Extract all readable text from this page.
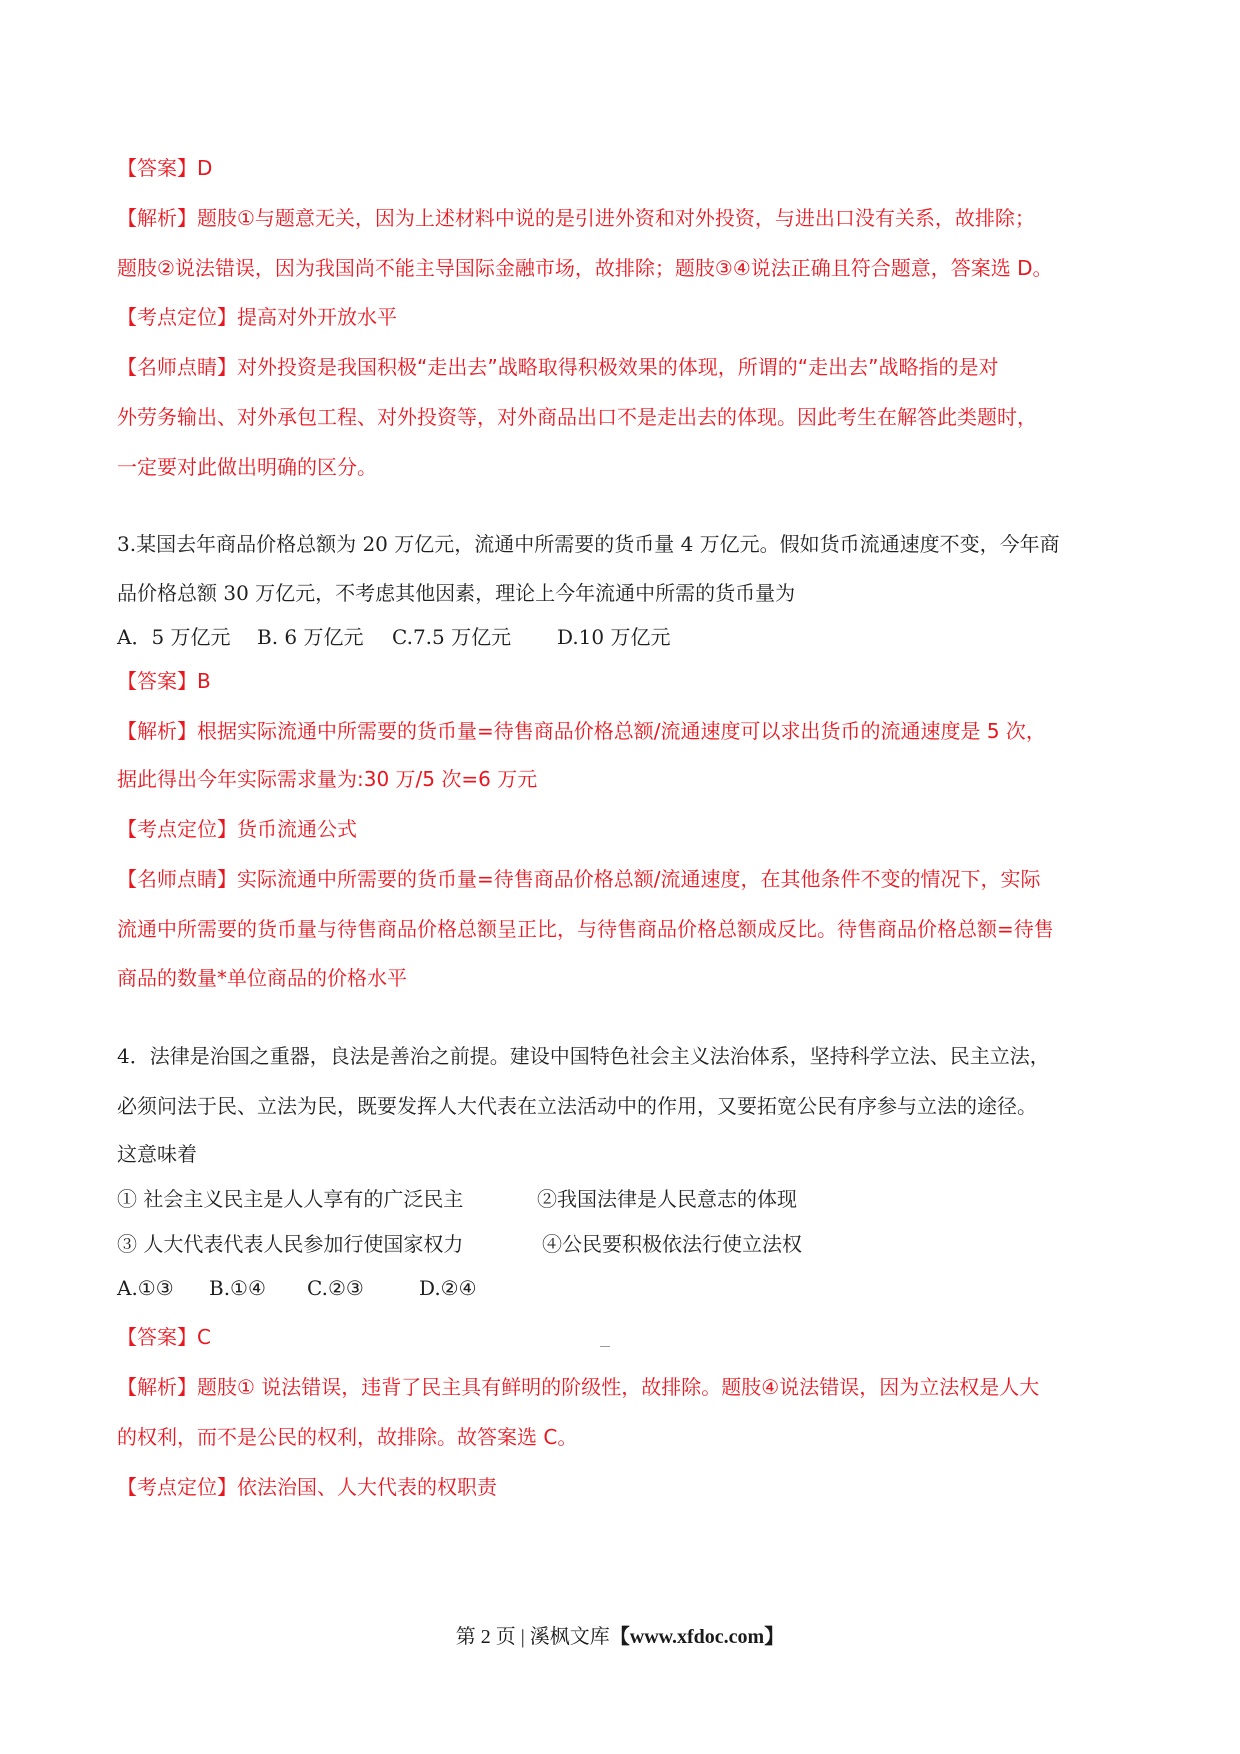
【答案】D

【解析】题肢①与题意无关，因为上述材料中说的是引进外资和对外投资，与进出口没有关系，故排除；

题肢②说法错误，因为我国尚不能主导国际金融市场，故排除；题肢③④说法正确且符合题意，答案选 D。

【考点定位】提高对外开放水平

【名师点睛】对外投资是我国积极“走出去”战略取得积极效果的体现，所谓的“走出去”战略指的是对

外劳务输出、对外承包工程、对外投资等，对外商品出口不是走出去的体现。因此考生在解答此类题时，

一定要对此做出明确的区分。

3.某国去年商品价格总额为 20 万亿元，流通中所需要的货币量 4 万亿元。假如货币流通速度不变，今年商

品价格总额 30 万亿元，不考虑其他因素，理论上今年流通中所需的货币量为

A．5 万亿元 B. 6 万亿元 C.7.5 万亿元 D.10 万亿元

【答案】B

【解析】根据实际流通中所需要的货币量=待售商品价格总额/流通速度可以求出货币的流通速度是 5 次，

据此得出今年实际需求量为:30 万/5 次=6 万元

【考点定位】货币流通公式

【名师点睛】实际流通中所需要的货币量=待售商品价格总额/流通速度，在其他条件不变的情况下，实际

流通中所需要的货币量与待售商品价格总额呈正比，与待售商品价格总额成反比。待售商品价格总额=待售

商品的数量*单位商品的价格水平

4．法律是治国之重器，良法是善治之前提。建设中国特色社会主义法治体系，坚持科学立法、民主立法，

必须问法于民、立法为民，既要发挥人大代表在立法活动中的作用，又要拓宽公民有序参与立法的途径。

这意味着

① 社会主义民主是人人享有的广泛民主	②我国法律是人民意志的体现

③ 人大代表代表人民参加行使国家权力	④公民要积极依法行使立法权

A.①③ B.①④ C.②③	D.②④

【答案】C

【解析】题肢① 说法错误，违背了民主具有鲜明的阶级性，故排除。题肢④说法错误，因为立法权是人大

的权利，而不是公民的权利，故排除。故答案选 C。

【考点定位】依法治国、人大代表的权职责

第 2 页 | 溪枫文库【www.xfdoc.com】
